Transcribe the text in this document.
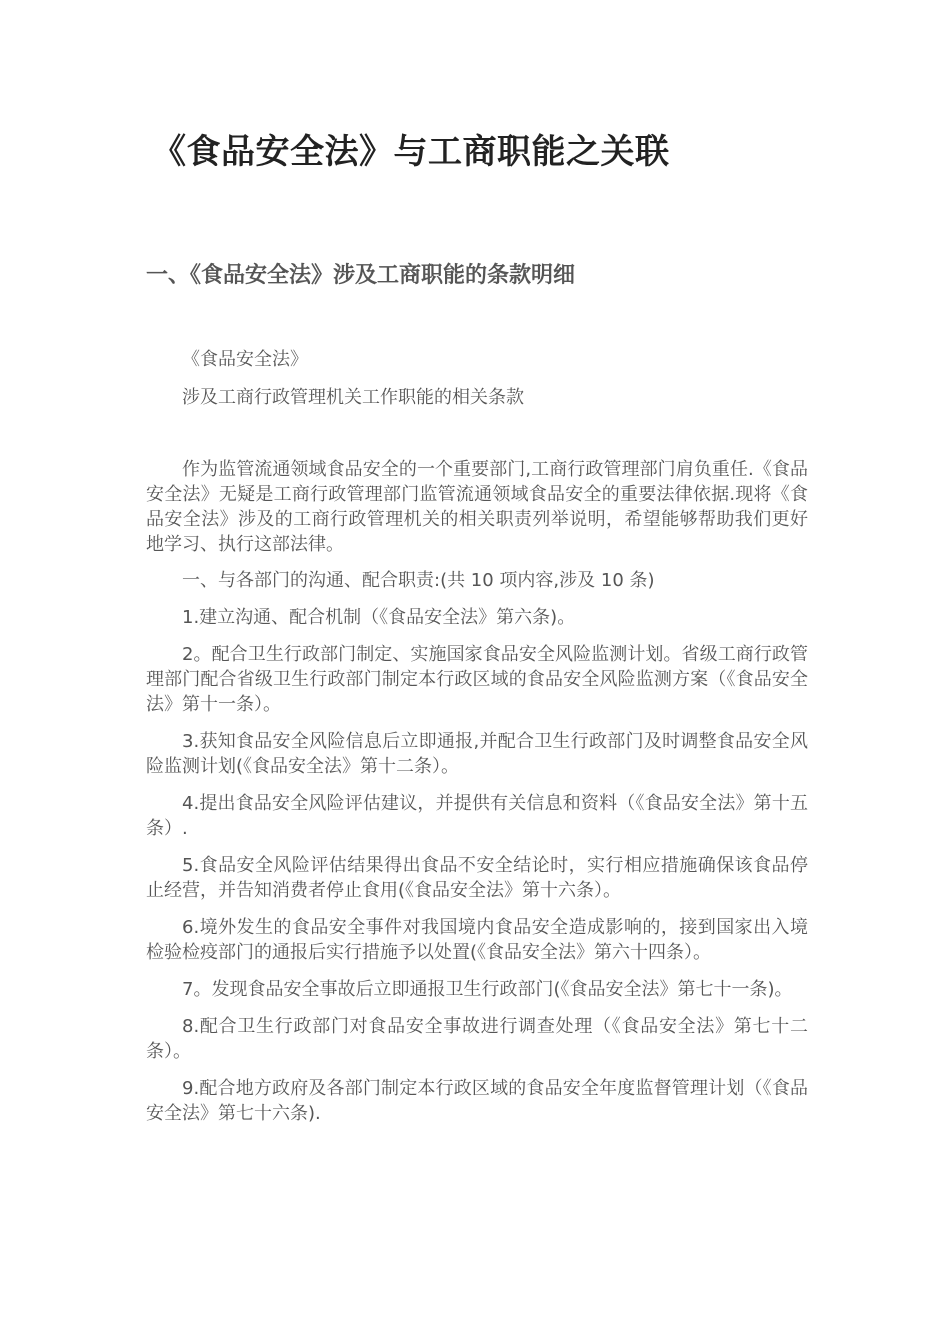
《食品安全法》与工商职能之关联
一、《食品安全法》涉及工商职能的条款明细
《食品安全法》
涉及工商行政管理机关工作职能的相关条款

作为监管流通领域食品安全的一个重要部门,工商行政管理部门肩负重任.《食品安全法》无疑是工商行政管理部门监管流通领域食品安全的重要法律依据.现将《食品安全法》涉及的工商行政管理机关的相关职责列举说明，希望能够帮助我们更好地学习、执行这部法律。

一、与各部门的沟通、配合职责:(共 10 项内容,涉及 10 条)

1.建立沟通、配合机制（《食品安全法》第六条)。

2。配合卫生行政部门制定、实施国家食品安全风险监测计划。省级工商行政管理部门配合省级卫生行政部门制定本行政区域的食品安全风险监测方案（《食品安全法》第十一条）。

3.获知食品安全风险信息后立即通报,并配合卫生行政部门及时调整食品安全风险监测计划(《食品安全法》第十二条）。

4.提出食品安全风险评估建议，并提供有关信息和资料（《食品安全法》第十五条）.

5.食品安全风险评估结果得出食品不安全结论时，实行相应措施确保该食品停止经营，并告知消费者停止食用(《食品安全法》第十六条）。

6.境外发生的食品安全事件对我国境内食品安全造成影响的，接到国家出入境检验检疫部门的通报后实行措施予以处置(《食品安全法》第六十四条）。

7。发现食品安全事故后立即通报卫生行政部门(《食品安全法》第七十一条)。

8.配合卫生行政部门对食品安全事故进行调查处理（《食品安全法》第七十二条）。

9.配合地方政府及各部门制定本行政区域的食品安全年度监督管理计划（《食品安全法》第七十六条).
